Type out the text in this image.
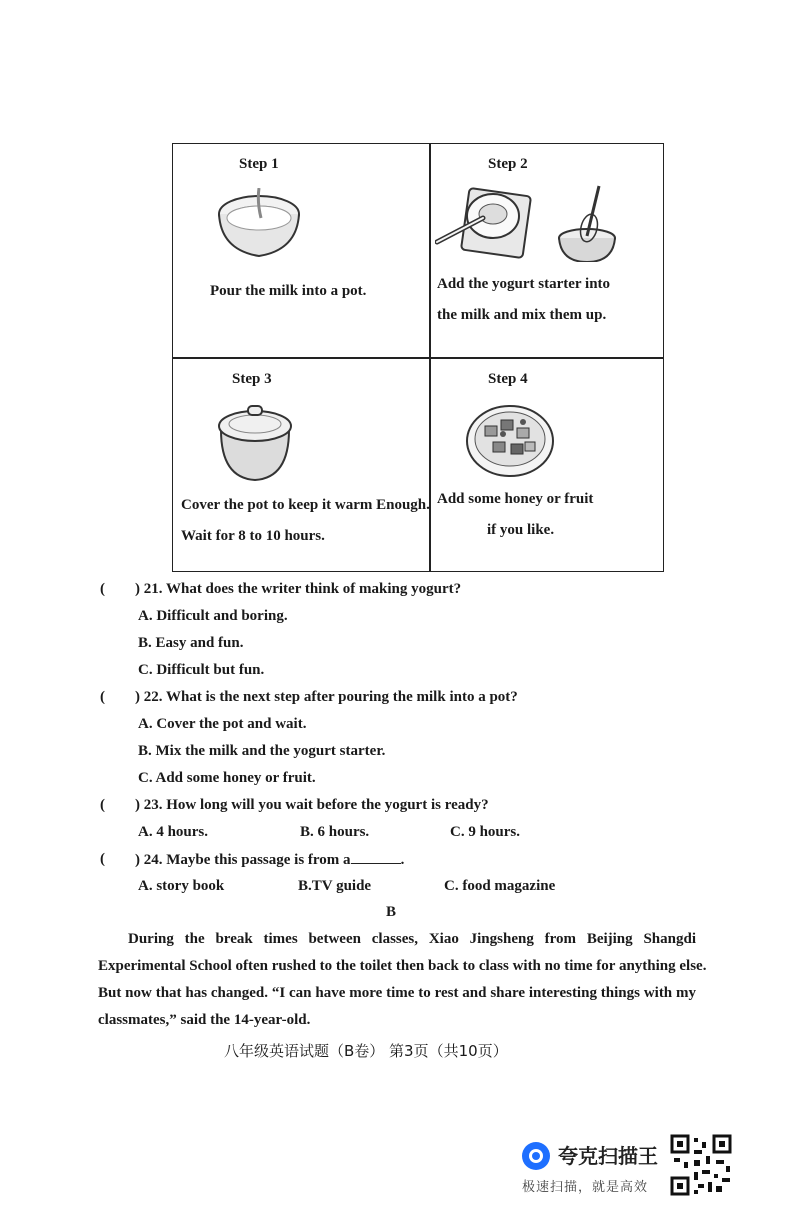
Step 1
Pour the milk into a pot.
Step 2
Add the yogurt starter into
the milk and mix them up.
Step 3
Cover the pot to keep it warm Enough.
Wait for 8 to 10 hours.
Step 4
Add some honey or fruit
if you like.
( ) 21. What does the writer think of making yogurt?
A. Difficult and boring.
B. Easy and fun.
C. Difficult but fun.
( ) 22. What is the next step after pouring the milk into a pot?
A. Cover the pot and wait.
B. Mix the milk and the yogurt starter.
C. Add some honey or fruit.
( ) 23. How long will you wait before the yogurt is ready?
A. 4 hours.	B. 6 hours.	C. 9 hours.
( ) 24. Maybe this passage is from a	.
A. story book	B.TV guide	C. food magazine
B
During the break times between classes, Xiao Jingsheng from Beijing Shangdi
Experimental School often rushed to the toilet then back to class with no time for anything else.
But now that has changed. “I can have more time to rest and share interesting things with my
classmates,” said the 14-year-old.
八年级英语试题（B卷） 第3页（共10页）
夸克扫描王
极速扫描，就是高效
